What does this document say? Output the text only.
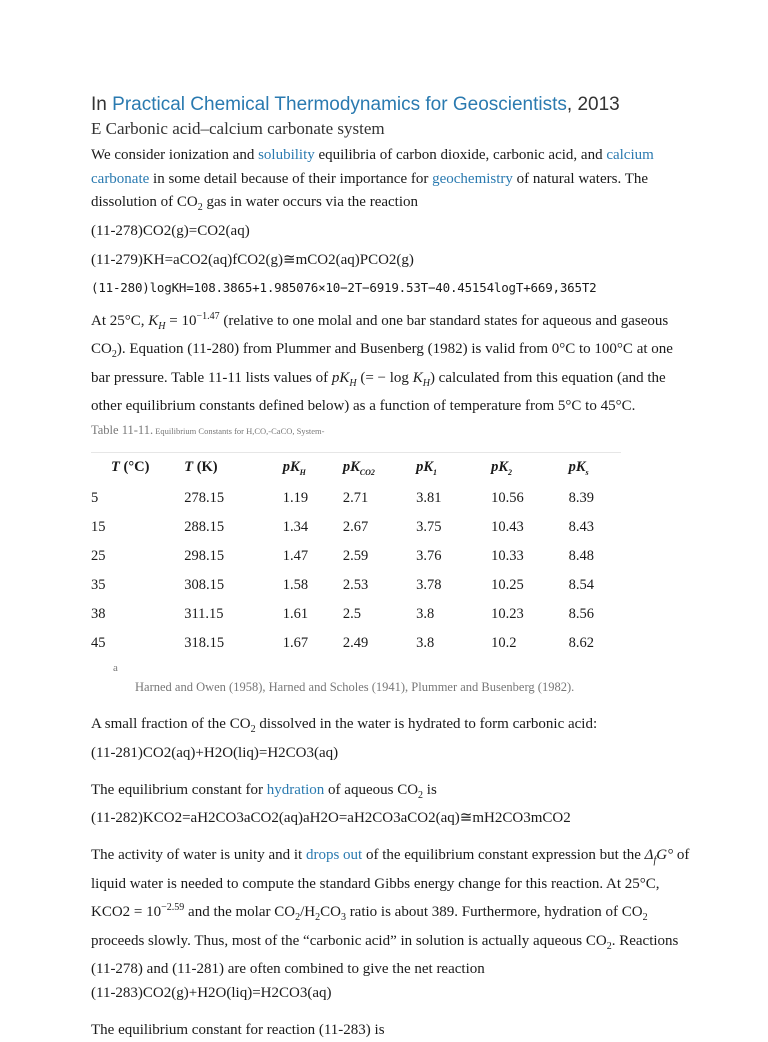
In Practical Chemical Thermodynamics for Geoscientists, 2013
E Carbonic acid–calcium carbonate system

We consider ionization and solubility equilibria of carbon dioxide, carbonic acid, and calcium carbonate in some detail because of their importance for geochemistry of natural waters. The dissolution of $CO_2$ gas in water occurs via the reaction

(11-278)CO2(g)=CO2(aq)

(11-279)KH=aCO2(aq)fCO2(g)≅mCO2(aq)PCO2(g)

(11-280)logKH=108.3865+1.985076×10−2T−6919.53T−40.45154logT+669,365T2

At 25°C, $K_H = 10^{-1.47}$ (relative to one molal and one bar standard states for aqueous and gaseous $CO_2$). Equation (11-280) from Plummer and Busenberg (1982) is valid from 0°C to 100°C at one bar pressure. Table 11-11 lists values of $pK_H$ (= − $\log K_H$) calculated from this equation (and the other equilibrium constants defined below) as a function of temperature from 5°C to 45°C.

Table 11-11. Equilibrium Constants for H,CO,-CaCO, System-
T (°C)	T (K)	$pK_H$	$pK_{CO2}$	$pK_1$	$pK_2$	$pK_s$
5	278.15	1.19	2.71	3.81	10.56	8.39
15	288.15	1.34	2.67	3.75	10.43	8.43
25	298.15	1.47	2.59	3.76	10.33	8.48
35	308.15	1.58	2.53	3.78	10.25	8.54
38	311.15	1.61	2.5	3.8	10.23	8.56
45	318.15	1.67	2.49	3.8	10.2	8.62
a
Harned and Owen (1958), Harned and Scholes (1941), Plummer and Busenberg (1982).

A small fraction of the $CO_2$ dissolved in the water is hydrated to form carbonic acid:

(11-281)CO2(aq)+H2O(liq)=H2CO3(aq)

The equilibrium constant for hydration of aqueous $CO_2$ is

(11-282)KCO2=aH2CO3aCO2(aq)aH2O=aH2CO3aCO2(aq)≅mH2CO3mCO2

The activity of water is unity and it drops out of the equilibrium constant expression but the $\Delta_fG^\circ$ of liquid water is needed to compute the standard Gibbs energy change for this reaction. At 25°C, $KCO2 = 10^{-2.59}$ and the molar $CO_2/H_2CO_3$ ratio is about 389. Furthermore, hydration of $CO_2$ proceeds slowly. Thus, most of the “carbonic acid” in solution is actually aqueous $CO_2$. Reactions (11-278) and (11-281) are often combined to give the net reaction

(11-283)CO2(g)+H2O(liq)=H2CO3(aq)

The equilibrium constant for reaction (11-283) is
